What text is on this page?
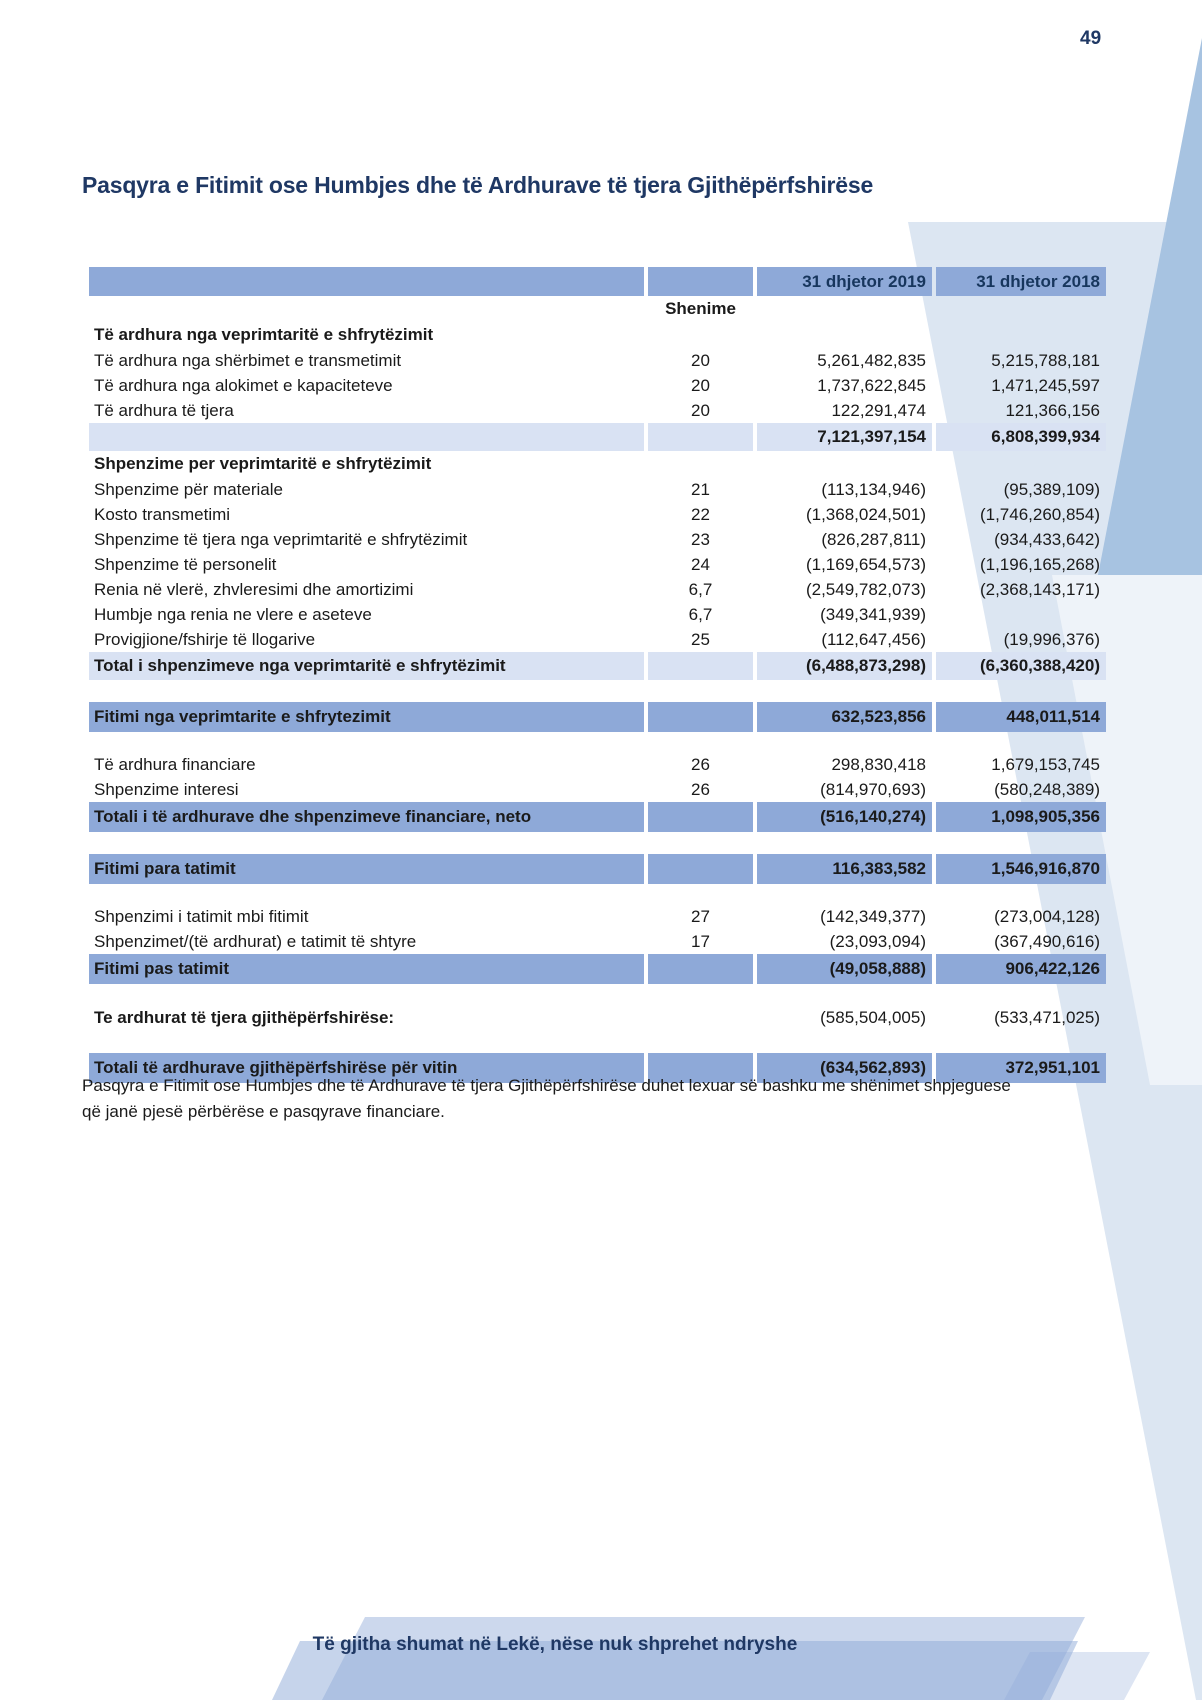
49
Pasqyra e Fitimit ose Humbjes dhe të Ardhurave të tjera Gjithëpërfshirëse
		31 dhjetor 2019	31 dhjetor 2018
	Shenime		
Të ardhura nga veprimtaritë e shfrytëzimit			
Të ardhura nga shërbimet e transmetimit	20	5,261,482,835	5,215,788,181
Të ardhura nga alokimet e kapaciteteve	20	1,737,622,845	1,471,245,597
Të ardhura të tjera	20	122,291,474	121,366,156
		7,121,397,154	6,808,399,934
Shpenzime per veprimtaritë e shfrytëzimit			
Shpenzime për materiale	21	(113,134,946)	(95,389,109)
Kosto transmetimi	22	(1,368,024,501)	(1,746,260,854)
Shpenzime të tjera nga veprimtaritë e shfrytëzimit	23	(826,287,811)	(934,433,642)
Shpenzime të personelit	24	(1,169,654,573)	(1,196,165,268)
Renia në vlerë, zhvleresimi dhe amortizimi	6,7	(2,549,782,073)	(2,368,143,171)
Humbje nga renia ne vlere e aseteve	6,7	(349,341,939)	
Provigjione/fshirje të llogarive	25	(112,647,456)	(19,996,376)
Total i shpenzimeve nga veprimtaritë e shfrytëzimit		(6,488,873,298)	(6,360,388,420)

Fitimi nga veprimtarite e shfrytezimit		632,523,856	448,011,514

Të ardhura financiare	26	298,830,418	1,679,153,745
Shpenzime interesi	26	(814,970,693)	(580,248,389)
Totali i të ardhurave dhe shpenzimeve financiare, neto		(516,140,274)	1,098,905,356

Fitimi para tatimit		116,383,582	1,546,916,870

Shpenzimi i tatimit mbi fitimit	27	(142,349,377)	(273,004,128)
Shpenzimet/(të ardhurat) e tatimit të shtyre	17	(23,093,094)	(367,490,616)
Fitimi pas tatimit		(49,058,888)	906,422,126

Te ardhurat të tjera gjithëpërfshirëse:		(585,504,005)	(533,471,025)

Totali të ardhurave gjithëpërfshirëse për vitin		(634,562,893)	372,951,101

Pasqyra e Fitimit ose Humbjes dhe të Ardhurave të tjera Gjithëpërfshirëse duhet lexuar së bashku me shënimet shpjeguese që janë pjesë përbërëse e pasqyrave financiare.

Të gjitha shumat në Lekë, nëse nuk shprehet ndryshe
